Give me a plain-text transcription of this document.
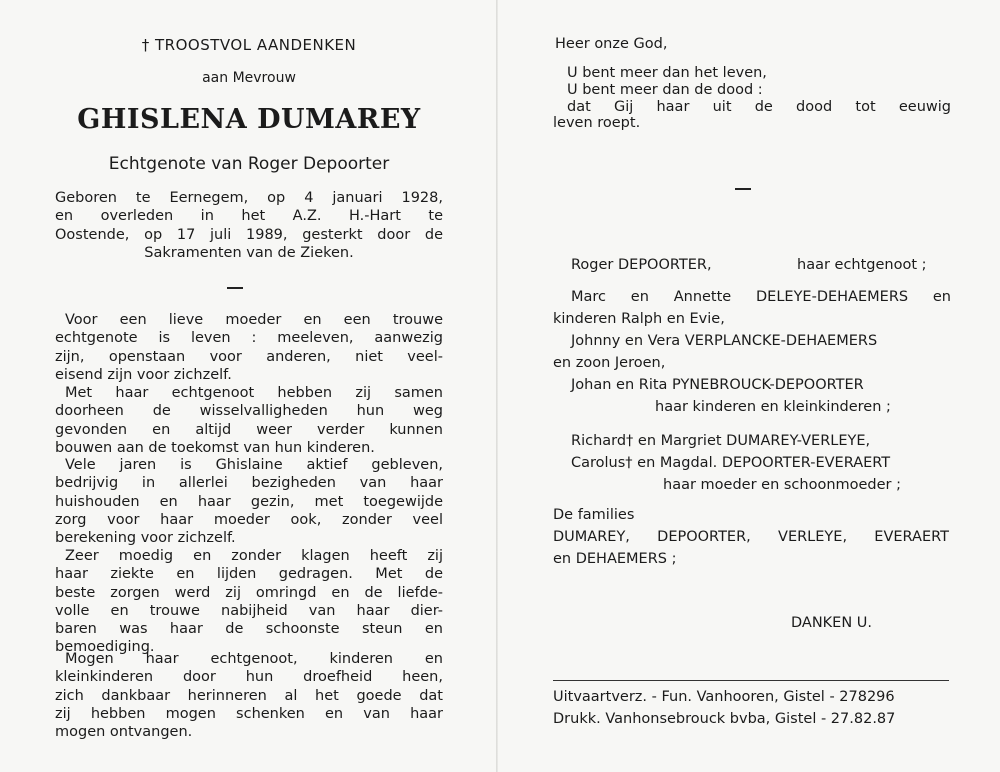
† TROOSTVOL AANDENKEN
aan Mevrouw
GHISLENA DUMAREY
Echtgenote van Roger Depoorter
Geboren te Eernegem, op 4 januari 1928,
en overleden in het A.Z. H.-Hart te
Oostende, op 17 juli 1989, gesterkt door de
Sakramenten van de Zieken.
Voor een lieve moeder en een trouwe
echtgenote is leven : meeleven, aanwezig
zijn, openstaan voor anderen, niet veel-
eisend zijn voor zichzelf.
Met haar echtgenoot hebben zij samen
doorheen de wisselvalligheden hun weg
gevonden en altijd weer verder kunnen
bouwen aan de toekomst van hun kinderen.
Vele jaren is Ghislaine aktief gebleven,
bedrijvig in allerlei bezigheden van haar
huishouden en haar gezin, met toegewijde
zorg voor haar moeder ook, zonder veel
berekening voor zichzelf.
Zeer moedig en zonder klagen heeft zij
haar ziekte en lijden gedragen. Met de
beste zorgen werd zij omringd en de liefde-
volle en trouwe nabijheid van haar dier-
baren was haar de schoonste steun en
bemoediging.
Mogen haar echtgenoot, kinderen en
kleinkinderen door hun droefheid heen,
zich dankbaar herinneren al het goede dat
zij hebben mogen schenken en van haar
mogen ontvangen.
Heer onze God,
U bent meer dan het leven,
U bent meer dan de dood :
dat Gij haar uit de dood tot eeuwig
leven roept.
Roger DEPOORTER,	haar echtgenoot ;
Marc en Annette DELEYE-DEHAEMERS en
kinderen Ralph en Evie,
Johnny en Vera VERPLANCKE-DEHAEMERS
en zoon Jeroen,
Johan en Rita PYNEBROUCK-DEPOORTER
haar kinderen en kleinkinderen ;
Richard† en Margriet DUMAREY-VERLEYE,
Carolus† en Magdal. DEPOORTER-EVERAERT
haar moeder en schoonmoeder ;
De families
DUMAREY, DEPOORTER, VERLEYE, EVERAERT
en DEHAEMERS ;
DANKEN U.
Uitvaartverz. - Fun. Vanhooren, Gistel - 278296
Drukk. Vanhonsebrouck bvba, Gistel - 27.82.87
